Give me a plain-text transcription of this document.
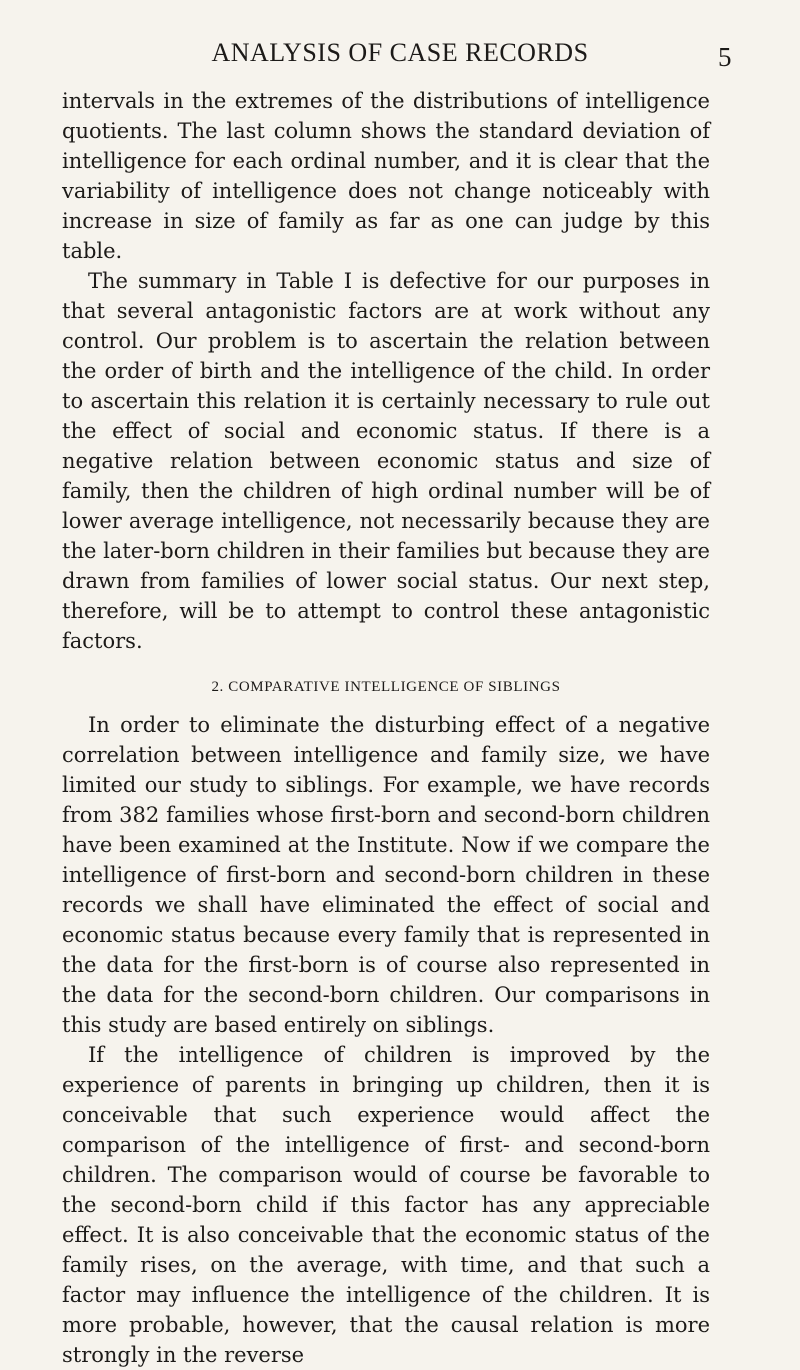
ANALYSIS OF CASE RECORDS	5

intervals in the extremes of the distributions of intelligence quotients. The last column shows the standard deviation of intelligence for each ordinal number, and it is clear that the variability of intelligence does not change noticeably with increase in size of family as far as one can judge by this table.

The summary in Table I is defective for our purposes in that several antagonistic factors are at work without any control. Our problem is to ascertain the relation between the order of birth and the intelligence of the child. In order to ascertain this relation it is certainly necessary to rule out the effect of social and economic status. If there is a negative relation between economic status and size of family, then the children of high ordinal number will be of lower average intelligence, not necessarily because they are the later-born children in their families but because they are drawn from families of lower social status. Our next step, therefore, will be to attempt to control these antagonistic factors.

2. COMPARATIVE INTELLIGENCE OF SIBLINGS

In order to eliminate the disturbing effect of a negative correlation between intelligence and family size, we have limited our study to siblings. For example, we have records from 382 families whose first-born and second-born children have been examined at the Institute. Now if we compare the intelligence of first-born and second-born children in these records we shall have eliminated the effect of social and economic status because every family that is represented in the data for the first-born is of course also represented in the data for the second-born children. Our comparisons in this study are based entirely on siblings.

If the intelligence of children is improved by the experience of parents in bringing up children, then it is conceivable that such experience would affect the comparison of the intelligence of first- and second-born children. The comparison would of course be favorable to the second-born child if this factor has any appreciable effect. It is also conceivable that the economic status of the family rises, on the average, with time, and that such a factor may influence the intelligence of the children. It is more probable, however, that the causal relation is more strongly in the reverse
